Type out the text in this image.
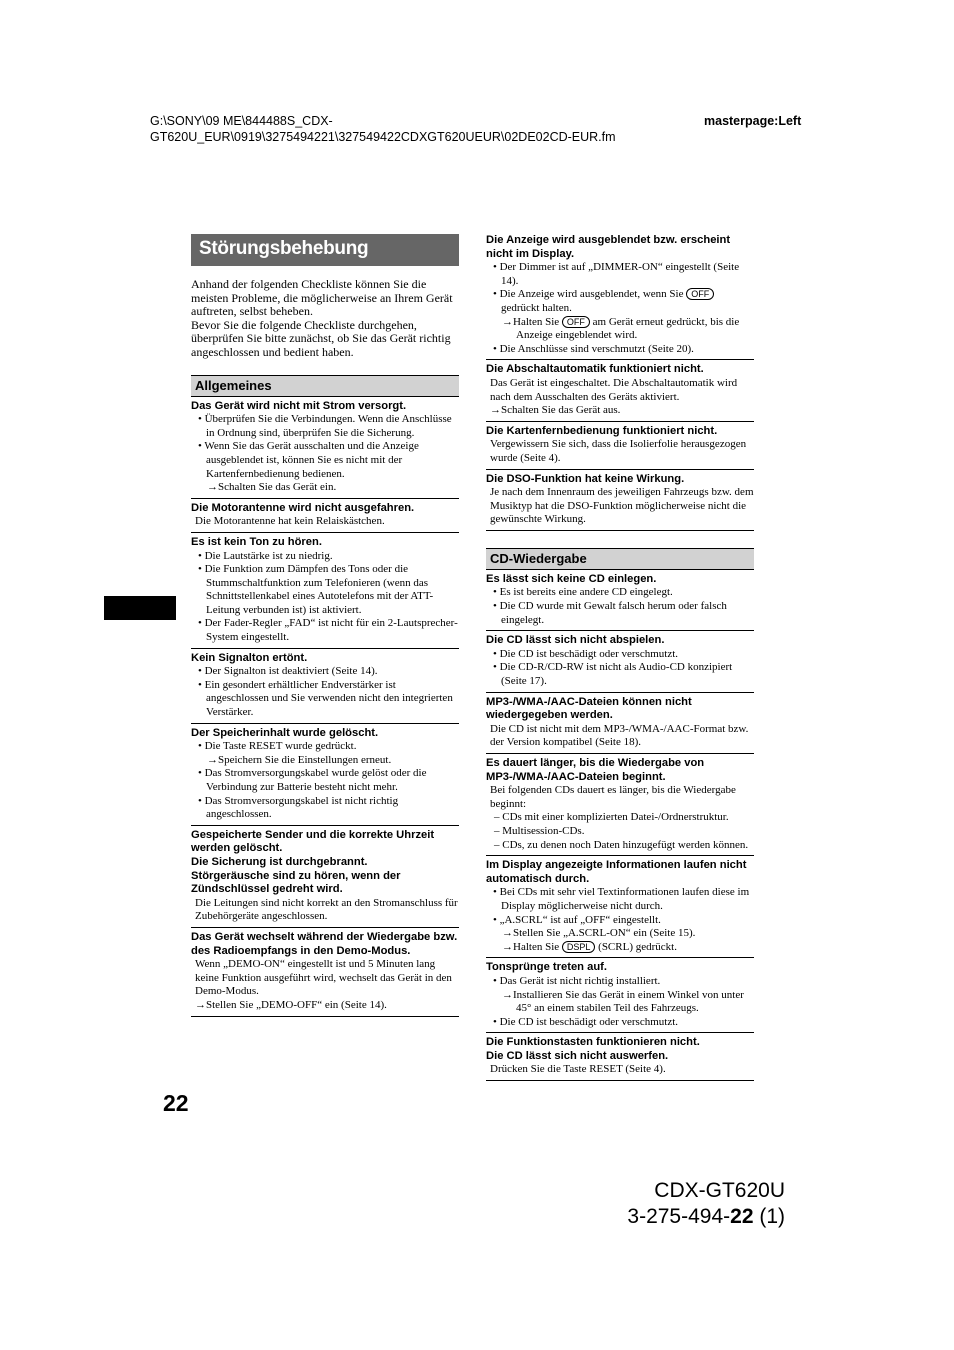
G:\SONY\09 ME\844488S_CDX-
GT620U_EUR\0919\3275494221\327549422CDXGT620UEUR\02DE02CD-EUR.fm
masterpage:Left
Störungsbehebung
Anhand der folgenden Checkliste können Sie die meisten Probleme, die möglicherweise an Ihrem Gerät auftreten, selbst beheben.
Bevor Sie die folgende Checkliste durchgehen, überprüfen Sie bitte zunächst, ob Sie das Gerät richtig angeschlossen und bedient haben.
Allgemeines
Das Gerät wird nicht mit Strom versorgt.
• Überprüfen Sie die Verbindungen. Wenn die Anschlüsse in Ordnung sind, überprüfen Sie die Sicherung.
• Wenn Sie das Gerät ausschalten und die Anzeige ausgeblendet ist, können Sie es nicht mit der Kartenfernbedienung bedienen.
→Schalten Sie das Gerät ein.
Die Motorantenne wird nicht ausgefahren.
Die Motorantenne hat kein Relaiskästchen.
Es ist kein Ton zu hören.
• Die Lautstärke ist zu niedrig.
• Die Funktion zum Dämpfen des Tons oder die Stummschaltfunktion zum Telefonieren (wenn das Schnittstellenkabel eines Autotelefons mit der ATT-Leitung verbunden ist) ist aktiviert.
• Der Fader-Regler „FAD“ ist nicht für ein 2-Lautsprecher-System eingestellt.
Kein Signalton ertönt.
• Der Signalton ist deaktiviert (Seite 14).
• Ein gesondert erhältlicher Endverstärker ist angeschlossen und Sie verwenden nicht den integrierten Verstärker.
Der Speicherinhalt wurde gelöscht.
• Die Taste RESET wurde gedrückt.
→Speichern Sie die Einstellungen erneut.
• Das Stromversorgungskabel wurde gelöst oder die Verbindung zur Batterie besteht nicht mehr.
• Das Stromversorgungskabel ist nicht richtig angeschlossen.
Gespeicherte Sender und die korrekte Uhrzeit werden gelöscht.
Die Sicherung ist durchgebrannt.
Störgeräusche sind zu hören, wenn der Zündschlüssel gedreht wird.
Die Leitungen sind nicht korrekt an den Stromanschluss für Zubehörgeräte angeschlossen.
Das Gerät wechselt während der Wiedergabe bzw. des Radioempfangs in den Demo-Modus.
Wenn „DEMO-ON“ eingestellt ist und 5 Minuten lang keine Funktion ausgeführt wird, wechselt das Gerät in den Demo-Modus.
→Stellen Sie „DEMO-OFF“ ein (Seite 14).
Die Anzeige wird ausgeblendet bzw. erscheint nicht im Display.
• Der Dimmer ist auf „DIMMER-ON“ eingestellt (Seite 14).
• Die Anzeige wird ausgeblendet, wenn Sie OFF gedrückt halten.
→Halten Sie OFF am Gerät erneut gedrückt, bis die Anzeige eingeblendet wird.
• Die Anschlüsse sind verschmutzt (Seite 20).
Die Abschaltautomatik funktioniert nicht.
Das Gerät ist eingeschaltet. Die Abschaltautomatik wird nach dem Ausschalten des Geräts aktiviert.
→Schalten Sie das Gerät aus.
Die Kartenfernbedienung funktioniert nicht.
Vergewissern Sie sich, dass die Isolierfolie herausgezogen wurde (Seite 4).
Die DSO-Funktion hat keine Wirkung.
Je nach dem Innenraum des jeweiligen Fahrzeugs bzw. dem Musiktyp hat die DSO-Funktion möglicherweise nicht die gewünschte Wirkung.
CD-Wiedergabe
Es lässt sich keine CD einlegen.
• Es ist bereits eine andere CD eingelegt.
• Die CD wurde mit Gewalt falsch herum oder falsch eingelegt.
Die CD lässt sich nicht abspielen.
• Die CD ist beschädigt oder verschmutzt.
• Die CD-R/CD-RW ist nicht als Audio-CD konzipiert (Seite 17).
MP3-/WMA-/AAC-Dateien können nicht wiedergegeben werden.
Die CD ist nicht mit dem MP3-/WMA-/AAC-Format bzw. der Version kompatibel (Seite 18).
Es dauert länger, bis die Wiedergabe von MP3-/WMA-/AAC-Dateien beginnt.
Bei folgenden CDs dauert es länger, bis die Wiedergabe beginnt:
– CDs mit einer komplizierten Datei-/Ordnerstruktur.
– Multisession-CDs.
– CDs, zu denen noch Daten hinzugefügt werden können.
Im Display angezeigte Informationen laufen nicht automatisch durch.
• Bei CDs mit sehr viel Textinformationen laufen diese im Display möglicherweise nicht durch.
• „A.SCRL“ ist auf „OFF“ eingestellt.
→Stellen Sie „A.SCRL-ON“ ein (Seite 15).
→Halten Sie DSPL (SCRL) gedrückt.
Tonsprünge treten auf.
• Das Gerät ist nicht richtig installiert.
→Installieren Sie das Gerät in einem Winkel von unter 45° an einem stabilen Teil des Fahrzeugs.
• Die CD ist beschädigt oder verschmutzt.
Die Funktionstasten funktionieren nicht.
Die CD lässt sich nicht auswerfen.
Drücken Sie die Taste RESET (Seite 4).
22
CDX-GT620U
3-275-494-22 (1)
